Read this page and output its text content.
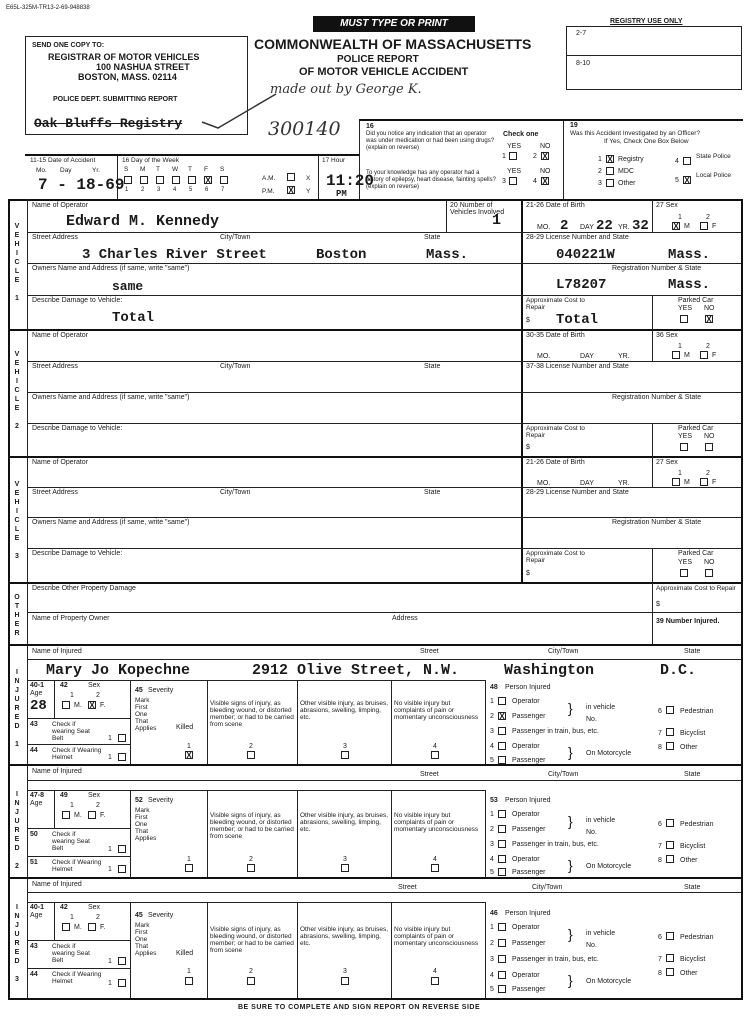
E65L-325M-TR13-2-69-948838
MUST TYPE OR PRINT
COMMONWEALTH OF MASSACHUSETTS
POLICE REPORT
OF MOTOR VEHICLE ACCIDENT
made out by George K.
300140
SEND ONE COPY TO:
REGISTRAR OF MOTOR VEHICLES
100 NASHUA STREET
BOSTON, MASS. 02114
POLICE DEPT. SUBMITTING REPORT
Oak Bluffs Registry
REGISTRY USE ONLY
2-7
8-10
16
Did you notice any indication that an operator was under medication or had been using drugs? (explain on reverse)
Check one
YES	NO
1	2 X
To your knowledge has any operator had a history of epilepsy, heart disease, fainting spells? (explain on reverse)
YES	NO
3	4 X
19
Was this Accident Investigated by an Officer?
If Yes, Check One Box Below
1 X Registry
2 MDC
3 Other
4
State Police
5 X
Local Police
11-15 Date of Accident
Mo. Day	Yr.
7 - 18-69
16 Day of the Week
S M T W T F S
X
1 2 3 4 5 6 7
A.M.	X
P.M. X Y
17 Hour
11:20
PM
V
E
H
I
C
L
E

1
Name of Operator
Edward M. Kennedy
20 Number of Vehicles Involved
1
21-26 Date of Birth
MO. 2 DAY 22 YR. 32
27 Sex
1	2
X M	F
Street Address	City/Town	State
3 Charles River Street	Boston	Mass.
28-29 License Number and State
040221W	Mass.
Owners Name and Address (if same, write "same")
same
Registration Number & State
L78207	Mass.
Describe Damage to Vehicle:
Total
Approximate Cost to Repair
$ Total
Parked Car
YES NO
X
V
E
H
I
C
L
E

2
Name of Operator	30-35 Date of Birth
MO.	DAY	YR.
36 Sex
1	2
M	F
Street Address	City/Town	State	37-38 License Number and State
Owners Name and Address (if same, write "same")	Registration Number & State
Describe Damage to Vehicle:	Approximate Cost to Repair
$
Parked Car
YES NO
V
E
H
I
C
L
E

3
Name of Operator	21-26 Date of Birth
MO.	DAY	YR.
27 Sex
1	2
M	F
Street Address	City/Town	State	28-29 License Number and State
Owners Name and Address (if same, write "same")	Registration Number & State
Describe Damage to Vehicle:	Approximate Cost to Repair
$
Parked Car
YES NO
O
T
H
E
R
Describe Other Property Damage	Approximate Cost to Repair
$
Name of Property Owner	Address	39 Number Injured.
I
N
J
U
R
E
D

1
Name of Injured	Street	City/Town	State
Mary Jo Kopechne	2912 Olive Street, N.W.	Washington	D.C.
40-1
Age
28
42	Sex
1	2
M. X F.
43 Check if wearing Seat Belt	1
44 Check if Wearing Helmet	1
45 Severity
Mark
First
One
That
Applies	Killed
1
X
Visible signs of injury, as bleeding wound, or distorted member; or had to be carried from scene
2
Other visible injury, as bruises, abrasions, swelling, limping, etc.
3
No visible injury but complaints of pain or momentary unconsciousness
4
48 Person Injured
1	Operator
2 X Passenger
3	Passenger in train, bus, etc.
4	Operator
5	Passenger
} in vehicle
No.
} On Motorcycle
6	Pedestrian
7	Bicyclist
8	Other
I
N
J
U
R
E
D

2
Name of Injured	Street	City/Town	State
47-8
Age
49	Sex
1	2
M.	F.
50 Check if wearing Seat Belt	1
51 Check if Wearing Helmet	1
52 Severity
Mark
First
One
That
Applies
1
Visible signs of injury, as bleeding wound, or distorted member; or had to be carried from scene
2
Other visible injury, as bruises, abrasions, swelling, limping, etc.
3
No visible injury but complaints of pain or momentary unconsciousness
4
53 Person Injured
1	Operator
2	Passenger
3	Passenger in train, bus, etc.
4	Operator
5	Passenger
} in vehicle
No.
} On Motorcycle
6	Pedestrian
7	Bicyclist
8	Other
I
N
J
U
R
E
D

3
Name of Injured	Street	City/Town	State
40-1
Age
42	Sex
1	2
M.	F.
43 Check if wearing Seat Belt	1
44 Check if Wearing Helmet	1
45 Severity
Mark
First
One
That
Applies	Killed
1
Visible signs of injury, as bleeding wound, or distorted member; or had to be carried from scene
2
Other visible injury, as bruises, abrasions, swelling, limping, etc.
3
No visible injury but complaints of pain or momentary unconsciousness
4
46 Person Injured
1	Operator
2	Passenger
3	Passenger in train, bus, etc.
4	Operator
5	Passenger
} in vehicle
No.
} On Motorcycle
6	Pedestrian
7	Bicyclist
8	Other
BE SURE TO COMPLETE AND SIGN REPORT ON REVERSE SIDE
